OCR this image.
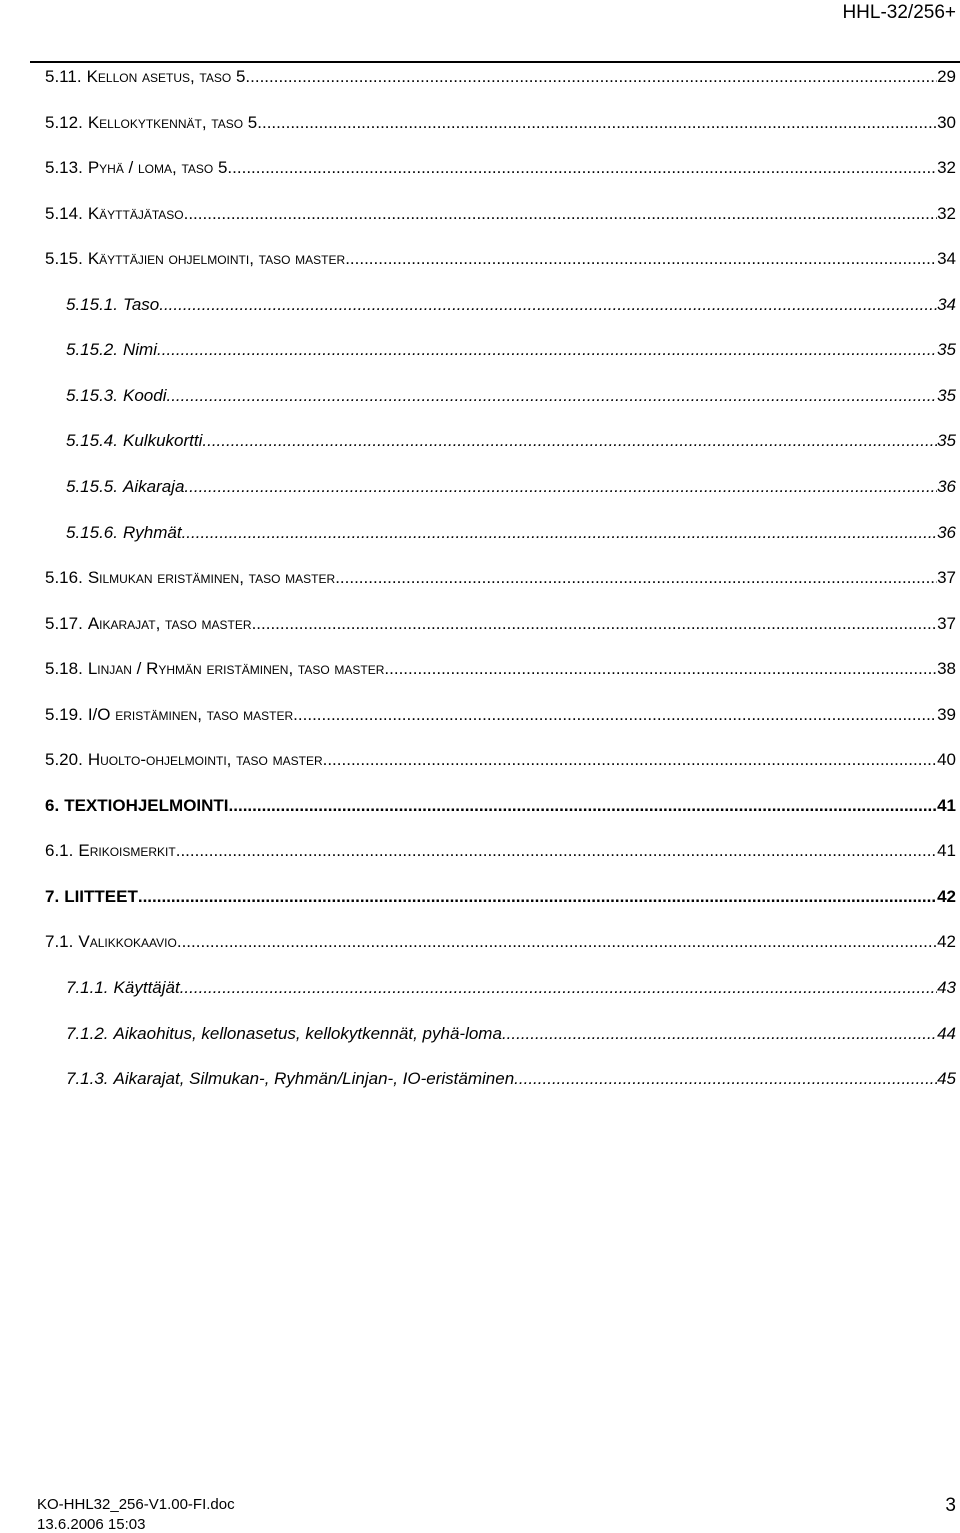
HHL-32/256+
5.11. Kellon asetus, taso 5 .....	29
5.12. Kellokytkennät, taso 5 .....	30
5.13. Pyhä / loma, taso 5 .....	32
5.14. Käyttäjätaso .....	32
5.15. Käyttäjien ohjelmointi, taso master .....	34
5.15.1. Taso .....	34
5.15.2. Nimi .....	35
5.15.3. Koodi .....	35
5.15.4. Kulkukortti .....	35
5.15.5. Aikaraja .....	36
5.15.6. Ryhmät .....	36
5.16. Silmukan eristäminen, taso master .....	37
5.17. Aikarajat, taso master .....	37
5.18. Linjan / Ryhmän eristäminen, taso master .....	38
5.19. I/O eristäminen, taso master .....	39
5.20. Huolto-ohjelmointi, taso master .....	40
6. TEXTIOHJELMOINTI .....	41
6.1. Erikoismerkit .....	41
7. LIITTEET .....	42
7.1. Valikkokaavio .....	42
7.1.1. Käyttäjät .....	43
7.1.2. Aikaohitus, kellonasetus, kellokytkennät, pyhä-loma .....	44
7.1.3. Aikarajat, Silmukan-, Ryhmän/Linjan-, IO-eristäminen .....	45
KO-HHL32_256-V1.00-FI.doc
13.6.2006 15:03
3
